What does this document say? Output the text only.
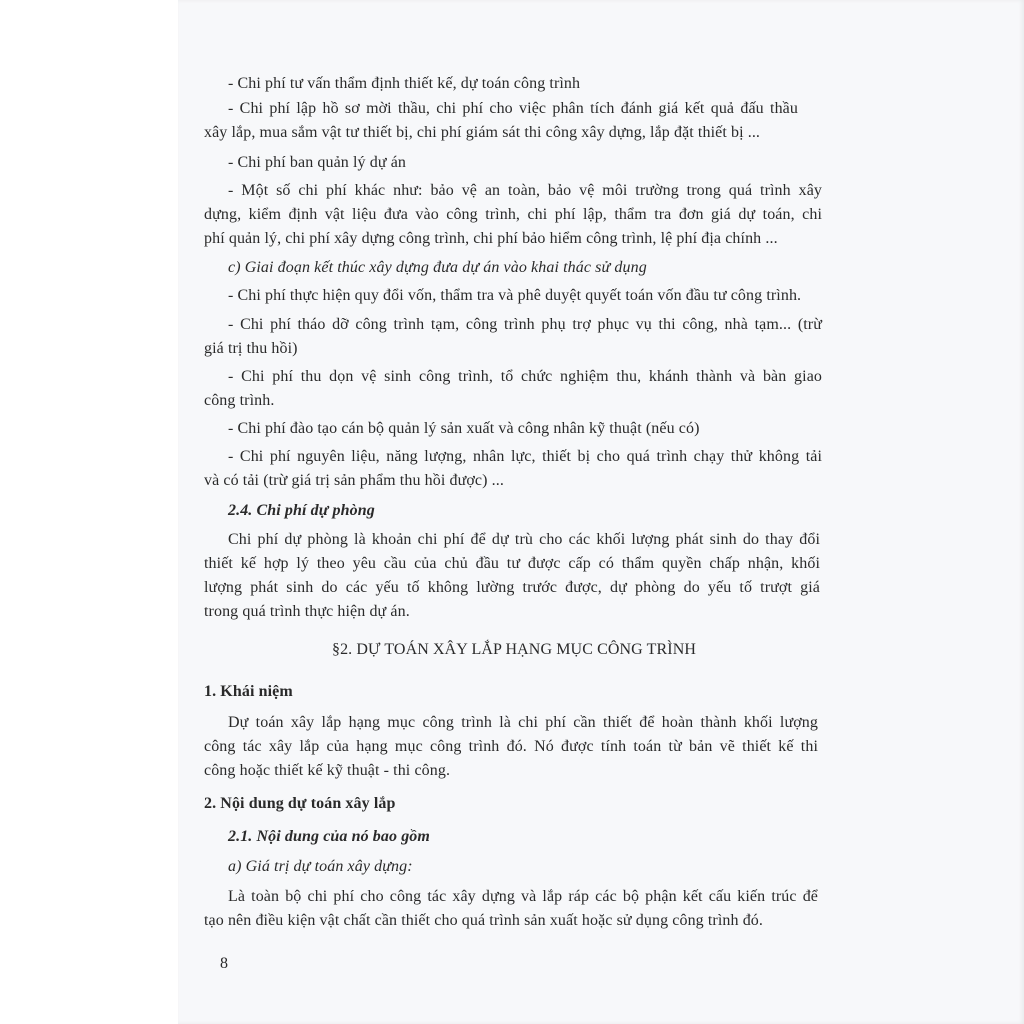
- Chi phí tư vấn thẩm định thiết kế, dự toán công trình
- Chi phí lập hồ sơ mời thầu, chi phí cho việc phân tích đánh giá kết quả đấu thầu
xây lắp, mua sắm vật tư thiết bị, chi phí giám sát thi công xây dựng, lắp đặt thiết bị ...
- Chi phí ban quản lý dự án
- Một số chi phí khác như: bảo vệ an toàn, bảo vệ môi trường trong quá trình xây
dựng, kiểm định vật liệu đưa vào công trình, chi phí lập, thẩm tra đơn giá dự toán, chi
phí quản lý, chi phí xây dựng công trình, chi phí bảo hiểm công trình, lệ phí địa chính ...
c) Giai đoạn kết thúc xây dựng đưa dự án vào khai thác sử dụng
- Chi phí thực hiện quy đổi vốn, thẩm tra và phê duyệt quyết toán vốn đầu tư công trình.
- Chi phí tháo dỡ công trình tạm, công trình phụ trợ phục vụ thi công, nhà tạm... (trừ
giá trị thu hồi)
- Chi phí thu dọn vệ sinh công trình, tổ chức nghiệm thu, khánh thành và bàn giao
công trình.
- Chi phí đào tạo cán bộ quản lý sản xuất và công nhân kỹ thuật (nếu có)
- Chi phí nguyên liệu, năng lượng, nhân lực, thiết bị cho quá trình chạy thử không tải
và có tải (trừ giá trị sản phẩm thu hồi được) ...
2.4. Chi phí dự phòng
Chi phí dự phòng là khoản chi phí để dự trù cho các khối lượng phát sinh do thay đổi
thiết kế hợp lý theo yêu cầu của chủ đầu tư được cấp có thẩm quyền chấp nhận, khối
lượng phát sinh do các yếu tố không lường trước được, dự phòng do yếu tố trượt giá
trong quá trình thực hiện dự án.
§2. DỰ TOÁN XÂY LẮP HẠNG MỤC CÔNG TRÌNH
1. Khái niệm
Dự toán xây lắp hạng mục công trình là chi phí cần thiết để hoàn thành khối lượng
công tác xây lắp của hạng mục công trình đó. Nó được tính toán từ bản vẽ thiết kế thi
công hoặc thiết kế kỹ thuật - thi công.
2. Nội dung dự toán xây lắp
2.1. Nội dung của nó bao gồm
a) Giá trị dự toán xây dựng:
Là toàn bộ chi phí cho công tác xây dựng và lắp ráp các bộ phận kết cấu kiến trúc để
tạo nên điều kiện vật chất cần thiết cho quá trình sản xuất hoặc sử dụng công trình đó.
8
